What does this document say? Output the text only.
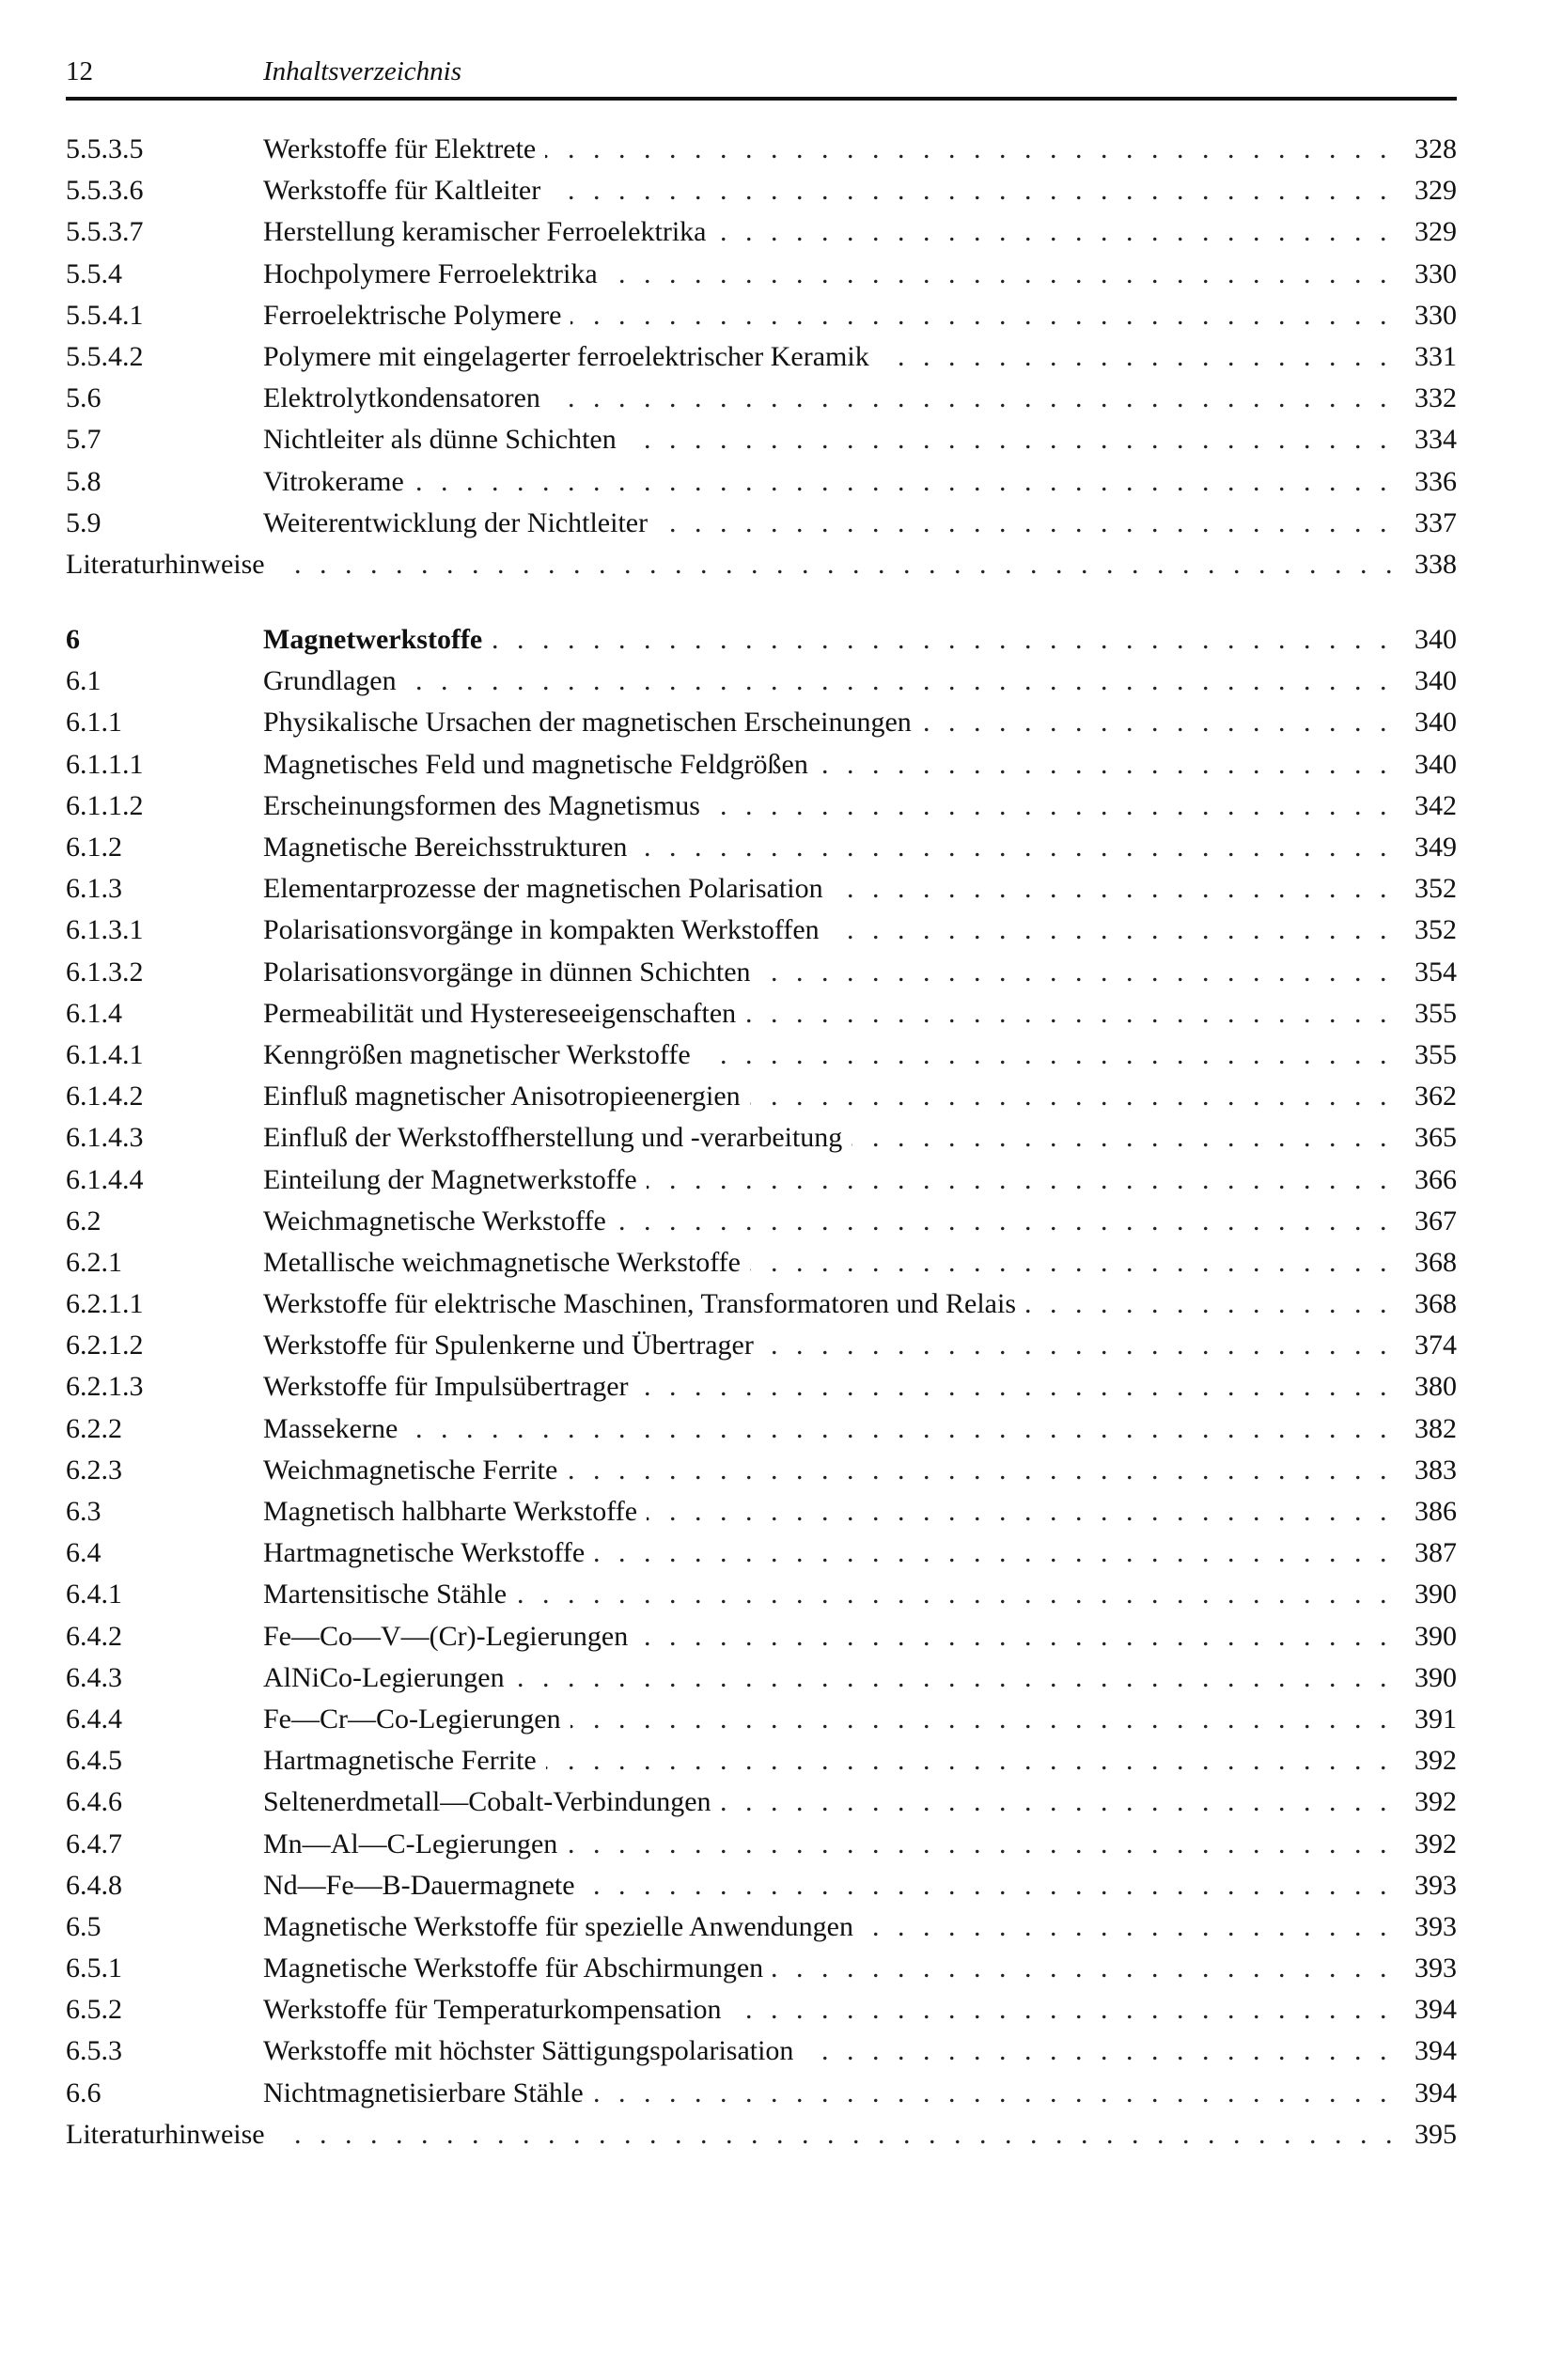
12	Inhaltsverzeichnis
5.5.3.5	Werkstoffe für Elektrete . . .	328
5.5.3.6	Werkstoffe für Kaltleiter . . .	329
5.5.3.7	Herstellung keramischer Ferroelektrika . . .	329
5.5.4	Hochpolymere Ferroelektrika . . .	330
5.5.4.1	Ferroelektrische Polymere . . .	330
5.5.4.2	Polymere mit eingelagerter ferroelektrischer Keramik . . .	331
5.6	Elektrolytkondensatoren . . .	332
5.7	Nichtleiter als dünne Schichten . . .	334
5.8	Vitrokerame . . .	336
5.9	Weiterentwicklung der Nichtleiter . . .	337
Literaturhinweise . . .	338
6	Magnetwerkstoffe . . .	340
6.1	Grundlagen . . .	340
6.1.1	Physikalische Ursachen der magnetischen Erscheinungen . . .	340
6.1.1.1	Magnetisches Feld und magnetische Feldgrößen . . .	340
6.1.1.2	Erscheinungsformen des Magnetismus . . .	342
6.1.2	Magnetische Bereichsstrukturen . . .	349
6.1.3	Elementarprozesse der magnetischen Polarisation . . .	352
6.1.3.1	Polarisationsvorgänge in kompakten Werkstoffen . . .	352
6.1.3.2	Polarisationsvorgänge in dünnen Schichten . . .	354
6.1.4	Permeabilität und Hystereseeigenschaften . . .	355
6.1.4.1	Kenngrößen magnetischer Werkstoffe . . .	355
6.1.4.2	Einfluß magnetischer Anisotropieenergien . . .	362
6.1.4.3	Einfluß der Werkstoffherstellung und -verarbeitung . . .	365
6.1.4.4	Einteilung der Magnetwerkstoffe . . .	366
6.2	Weichmagnetische Werkstoffe . . .	367
6.2.1	Metallische weichmagnetische Werkstoffe . . .	368
6.2.1.1	Werkstoffe für elektrische Maschinen, Transformatoren und Relais . . .	368
6.2.1.2	Werkstoffe für Spulenkerne und Übertrager . . .	374
6.2.1.3	Werkstoffe für Impulsübertrager . . .	380
6.2.2	Massekerne . . .	382
6.2.3	Weichmagnetische Ferrite . . .	383
6.3	Magnetisch halbharte Werkstoffe . . .	386
6.4	Hartmagnetische Werkstoffe . . .	387
6.4.1	Martensitische Stähle . . .	390
6.4.2	Fe—Co—V—(Cr)-Legierungen . . .	390
6.4.3	AlNiCo-Legierungen . . .	390
6.4.4	Fe—Cr—Co-Legierungen . . .	391
6.4.5	Hartmagnetische Ferrite . . .	392
6.4.6	Seltenerdmetall—Cobalt-Verbindungen . . .	392
6.4.7	Mn—Al—C-Legierungen . . .	392
6.4.8	Nd—Fe—B-Dauermagnete . . .	393
6.5	Magnetische Werkstoffe für spezielle Anwendungen . . .	393
6.5.1	Magnetische Werkstoffe für Abschirmungen . . .	393
6.5.2	Werkstoffe für Temperaturkompensation . . .	394
6.5.3	Werkstoffe mit höchster Sättigungspolarisation . . .	394
6.6	Nichtmagnetisierbare Stähle . . .	394
Literaturhinweise . . .	395
